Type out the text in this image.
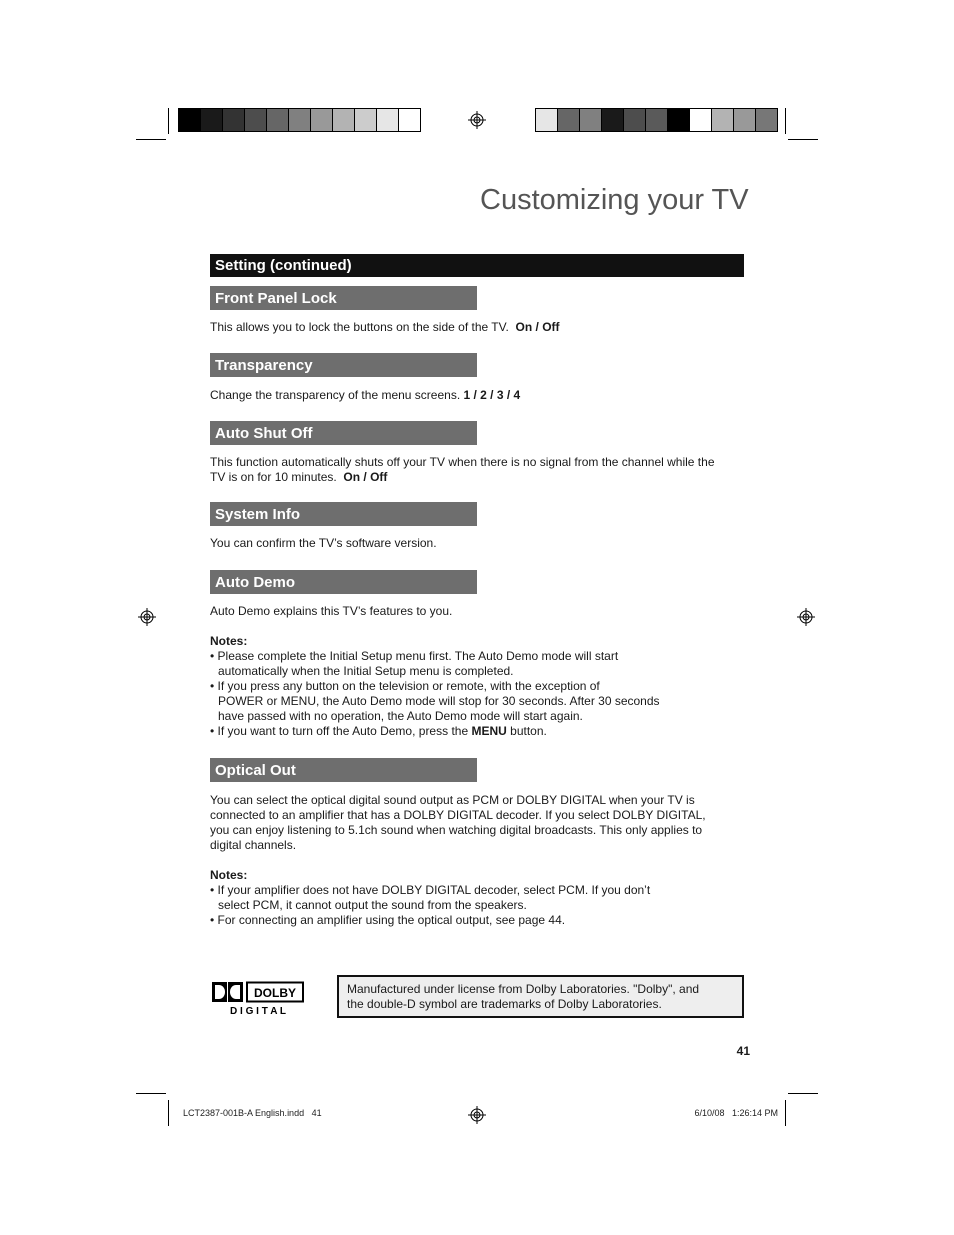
Customizing your TV
Setting (continued)
Front Panel Lock
This allows you to lock the buttons on the side of the TV. On / Off
Transparency
Change the transparency of the menu screens. 1 / 2 / 3 / 4
Auto Shut Off
This function automatically shuts off your TV when there is no signal from the channel while the
TV is on for 10 minutes. On / Off
System Info
You can confirm the TV’s software version.
Auto Demo
Auto Demo explains this TV’s features to you.
Notes:
• Please complete the Initial Setup menu first. The Auto Demo mode will start
automatically when the Initial Setup menu is completed.
• If you press any button on the television or remote, with the exception of
POWER or MENU, the Auto Demo mode will stop for 30 seconds. After 30 seconds
have passed with no operation, the Auto Demo mode will start again.
• If you want to turn off the Auto Demo, press the MENU button.
Optical Out
You can select the optical digital sound output as PCM or DOLBY DIGITAL when your TV is
connected to an amplifier that has a DOLBY DIGITAL decoder. If you select DOLBY DIGITAL,
you can enjoy listening to 5.1ch sound when watching digital broadcasts. This only applies to
digital channels.
Notes:
• If your amplifier does not have DOLBY DIGITAL decoder, select PCM. If you don’t
select PCM, it cannot output the sound from the speakers.
• For connecting an amplifier using the optical output, see page 44.
DOLBY
D I G I T A L
Manufactured under license from Dolby Laboratories. "Dolby", and
the double-D symbol are trademarks of Dolby Laboratories.
41
LCT2387-001B-A English.indd   41	6/10/08   1:26:14 PM
